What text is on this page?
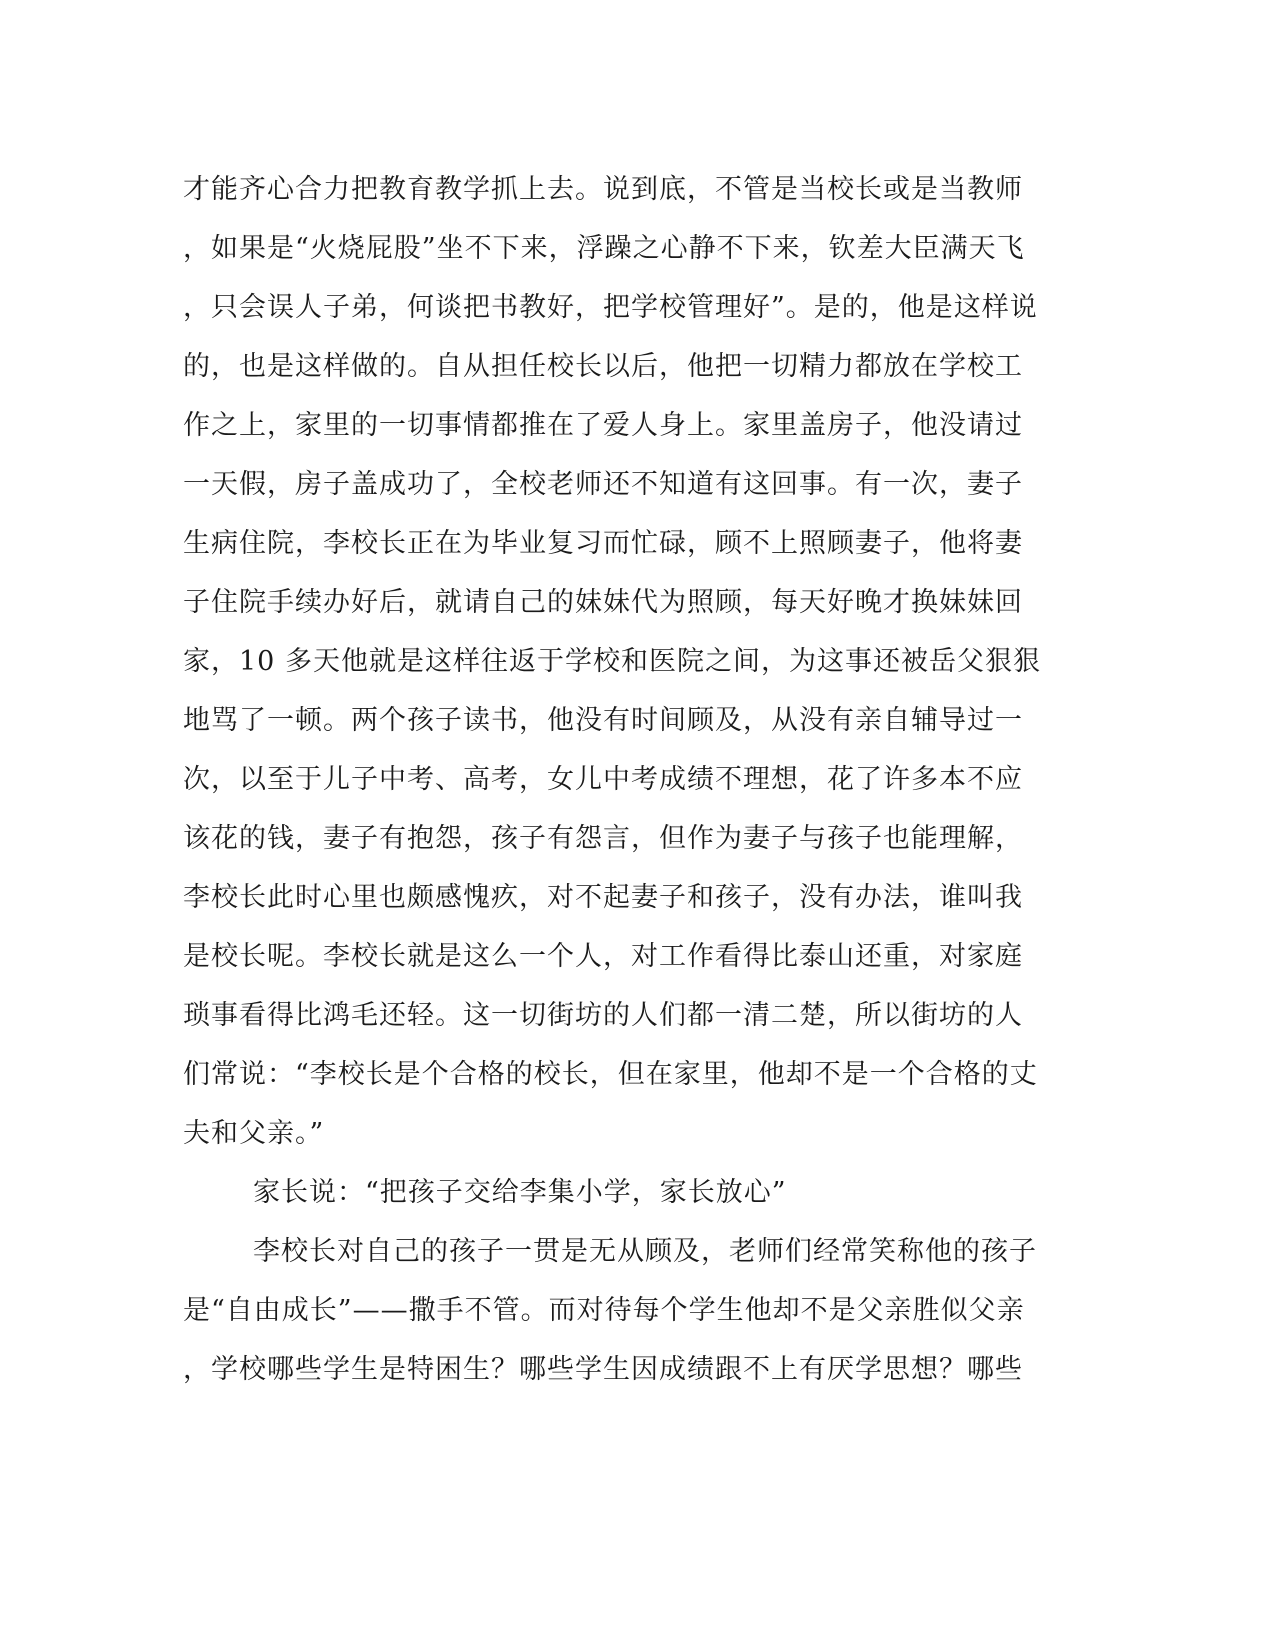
才能齐心合力把教育教学抓上去。说到底，不管是当校长或是当教师
，如果是“火烧屁股”坐不下来，浮躁之心静不下来，钦差大臣满天飞
，只会误人子弟，何谈把书教好，把学校管理好”。是的，他是这样说
的，也是这样做的。自从担任校长以后，他把一切精力都放在学校工
作之上，家里的一切事情都推在了爱人身上。家里盖房子，他没请过
一天假，房子盖成功了，全校老师还不知道有这回事。有一次，妻子
生病住院，李校长正在为毕业复习而忙碌，顾不上照顾妻子，他将妻
子住院手续办好后，就请自己的妹妹代为照顾，每天好晚才换妹妹回
家，10 多天他就是这样往返于学校和医院之间，为这事还被岳父狠狠
地骂了一顿。两个孩子读书，他没有时间顾及，从没有亲自辅导过一
次，以至于儿子中考、高考，女儿中考成绩不理想，花了许多本不应
该花的钱，妻子有抱怨，孩子有怨言，但作为妻子与孩子也能理解，
李校长此时心里也颇感愧疚，对不起妻子和孩子，没有办法，谁叫我
是校长呢。李校长就是这么一个人，对工作看得比泰山还重，对家庭
琐事看得比鸿毛还轻。这一切街坊的人们都一清二楚，所以街坊的人
们常说：“李校长是个合格的校长，但在家里，他却不是一个合格的丈
夫和父亲。”
家长说：“把孩子交给李集小学，家长放心”
李校长对自己的孩子一贯是无从顾及，老师们经常笑称他的孩子
是“自由成长”——撒手不管。而对待每个学生他却不是父亲胜似父亲
，学校哪些学生是特困生？哪些学生因成绩跟不上有厌学思想？哪些
